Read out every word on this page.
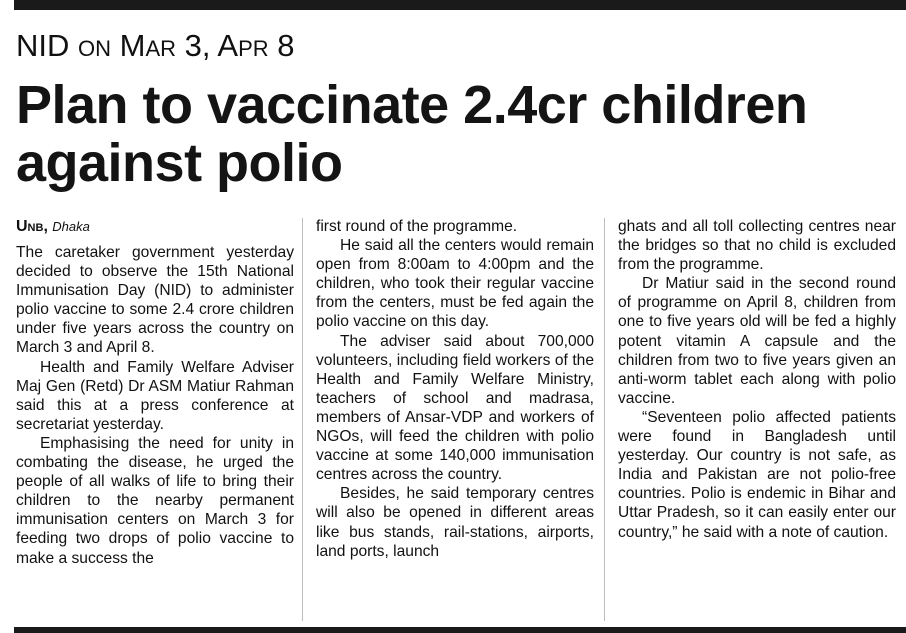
NID on Mar 3, Apr 8
Plan to vaccinate 2.4cr children against polio
Unb, Dhaka

The caretaker government yesterday decided to observe the 15th National Immunisation Day (NID) to administer polio vaccine to some 2.4 crore children under five years across the country on March 3 and April 8.

Health and Family Welfare Adviser Maj Gen (Retd) Dr ASM Matiur Rahman said this at a press conference at secretariat yesterday.

Emphasising the need for unity in combating the disease, he urged the people of all walks of life to bring their children to the nearby permanent immunisation centers on March 3 for feeding two drops of polio vaccine to make a success the

first round of the programme.

He said all the centers would remain open from 8:00am to 4:00pm and the children, who took their regular vaccine from the centers, must be fed again the polio vaccine on this day.

The adviser said about 700,000 volunteers, including field workers of the Health and Family Welfare Ministry, teachers of school and madrasa, members of Ansar-VDP and workers of NGOs, will feed the children with polio vaccine at some 140,000 immunisation centres across the country.

Besides, he said temporary centres will also be opened in different areas like bus stands, rail-stations, airports, land ports, launch

ghats and all toll collecting centres near the bridges so that no child is excluded from the programme.

Dr Matiur said in the second round of programme on April 8, children from one to five years old will be fed a highly potent vitamin A capsule and the children from two to five years given an anti-worm tablet each along with polio vaccine.

“Seventeen polio affected patients were found in Bangladesh until yesterday. Our country is not safe, as India and Pakistan are not polio-free countries. Polio is endemic in Bihar and Uttar Pradesh, so it can easily enter our country,” he said with a note of caution.
